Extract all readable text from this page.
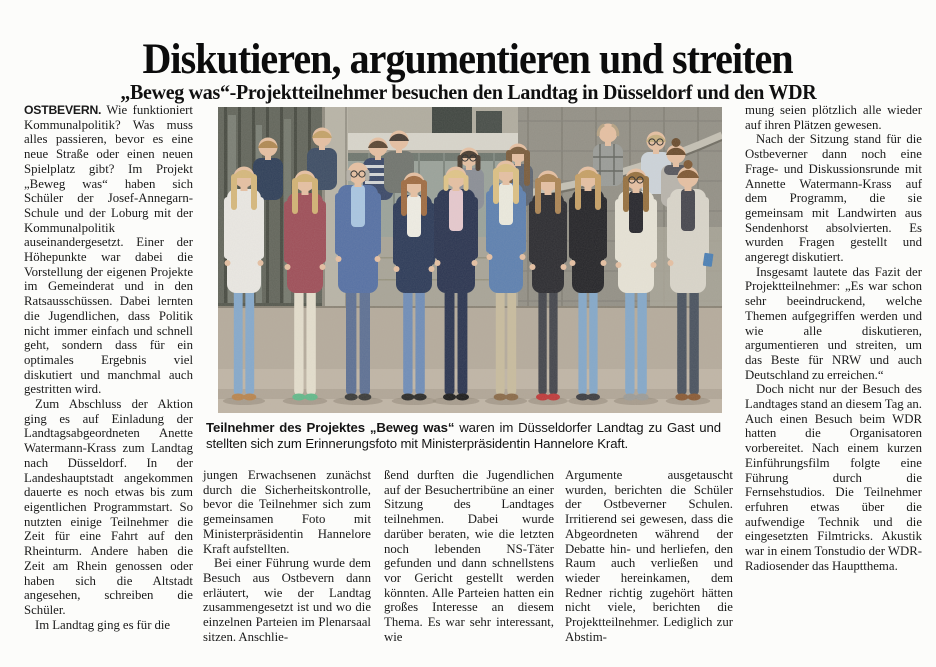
Diskutieren, argumentieren und streiten
„Beweg was“-Projektteilnehmer besuchen den Landtag in Düsseldorf und den WDR

OSTBEVERN. Wie funktioniert Kommunalpolitik? Was muss alles passieren, bevor es eine neue Straße oder einen neuen Spielplatz gibt? Im Projekt „Beweg was“ haben sich Schüler der Josef-Annegarn-Schule und der Loburg mit der Kommunalpolitik auseinandergesetzt. Einer der Höhepunkte war dabei die Vorstellung der eigenen Projekte im Gemeinderat und in den Ratsausschüssen. Dabei lernten die Jugendlichen, dass Politik nicht immer einfach und schnell geht, sondern dass für ein optimales Ergebnis viel diskutiert und manchmal auch gestritten wird.

Zum Abschluss der Aktion ging es auf Einladung der Landtagsabgeordneten Anette Watermann-Krass zum Landtag nach Düsseldorf. In der Landeshauptstadt angekommen dauerte es noch etwas bis zum eigentlichen Programmstart. So nutzten einige Teilnehmer die Zeit für eine Fahrt auf den Rheinturm. Andere haben die Zeit am Rhein genossen oder haben sich die Altstadt angesehen, schreiben die Schüler.

Im Landtag ging es für die

Teilnehmer des Projektes „Beweg was“ waren im Düsseldorfer Landtag zu Gast und stellten sich zum Erinnerungsfoto mit Ministerpräsidentin Hannelore Kraft.

jungen Erwachsenen zunächst durch die Sicherheitskontrolle, bevor die Teilnehmer sich zum gemeinsamen Foto mit Ministerpräsidentin Hannelore Kraft aufstellten.

Bei einer Führung wurde dem Besuch aus Ostbevern dann erläutert, wie der Landtag zusammengesetzt ist und wo die einzelnen Parteien im Plenarsaal sitzen. Anschlie-

ßend durften die Jugendlichen auf der Besuchertribüne an einer Sitzung des Landtages teilnehmen. Dabei wurde darüber beraten, wie die letzten noch lebenden NS-Täter gefunden und dann schnellstens vor Gericht gestellt werden könnten. Alle Parteien hatten ein großes Interesse an diesem Thema. Es war sehr interessant, wie

Argumente ausgetauscht wurden, berichten die Schüler der Ostbeverner Schulen. Irritierend sei gewesen, dass die Abgeordneten während der Debatte hin- und herliefen, den Raum auch verließen und wieder hereinkamen, dem Redner richtig zugehört hätten nicht viele, berichten die Projektteilnehmer. Lediglich zur Abstim-

mung seien plötzlich alle wieder auf ihren Plätzen gewesen.

Nach der Sitzung stand für die Ostbeverner dann noch eine Frage- und Diskussionsrunde mit Annette Watermann-Krass auf dem Programm, die sie gemeinsam mit Landwirten aus Sendenhorst absolvierten. Es wurden Fragen gestellt und angeregt diskutiert.

Insgesamt lautete das Fazit der Projektteilnehmer: „Es war schon sehr beeindruckend, welche Themen aufgegriffen werden und wie alle diskutieren, argumentieren und streiten, um das Beste für NRW und auch Deutschland zu erreichen.“

Doch nicht nur der Besuch des Landtages stand an diesem Tag an. Auch einen Besuch beim WDR hatten die Organisatoren vorbereitet. Nach einem kurzen Einführungsfilm folgte eine Führung durch die Fernsehstudios. Die Teilnehmer erfuhren etwas über die aufwendige Technik und die eingesetzten Filmtricks. Akustik war in einem Tonstudio der WDR-Radiosender das Hauptthema.
